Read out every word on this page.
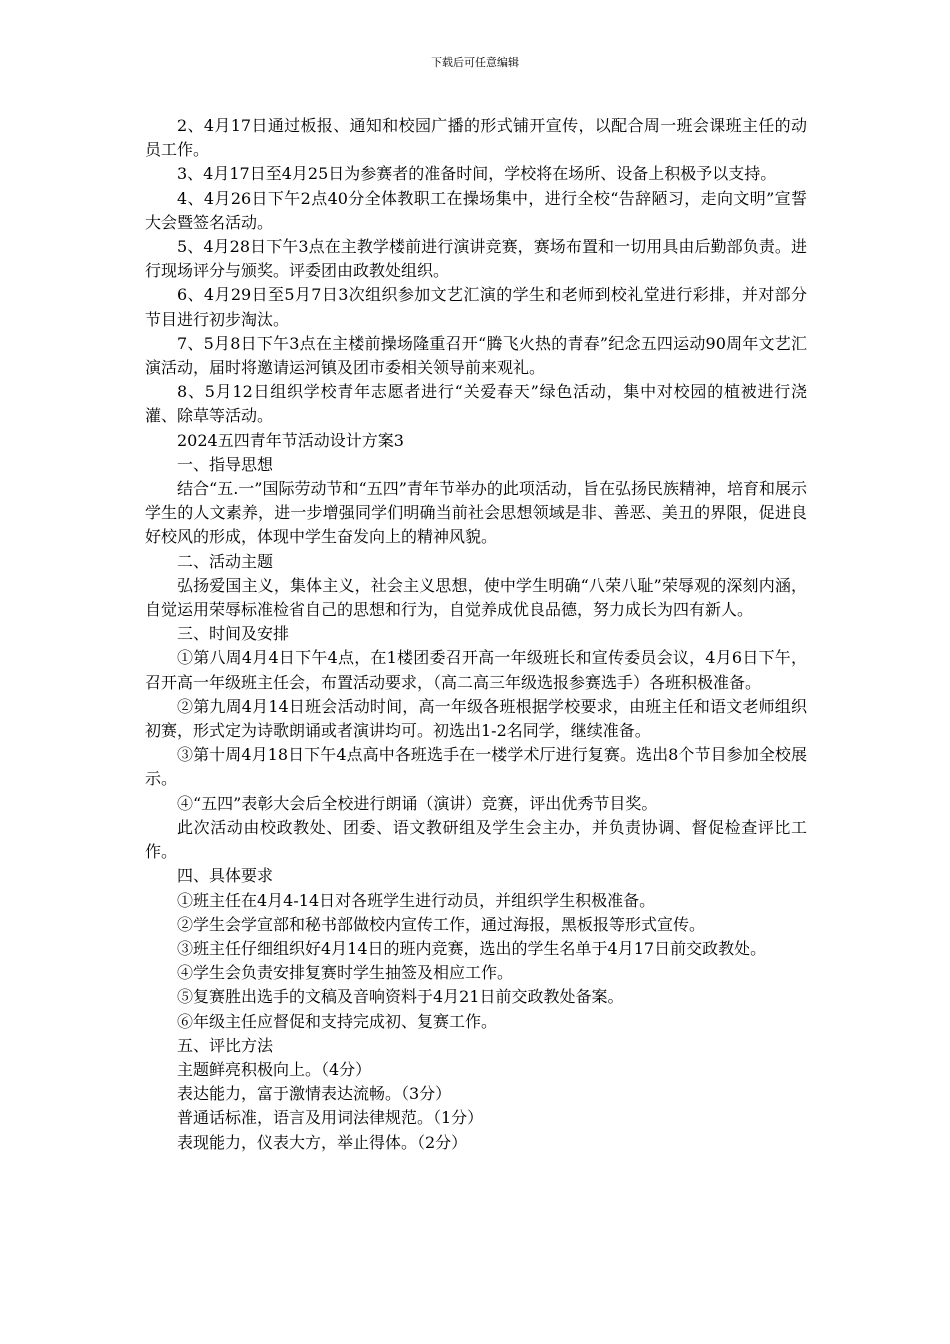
下载后可任意编辑

2、4月17日通过板报、通知和校园广播的形式铺开宣传，以配合周一班会课班主任的动员工作。

3、4月17日至4月25日为参赛者的准备时间，学校将在场所、设备上积极予以支持。

4、4月26日下午2点40分全体教职工在操场集中，进行全校“告辞陋习，走向文明”宣誓大会暨签名活动。

5、4月28日下午3点在主教学楼前进行演讲竞赛，赛场布置和一切用具由后勤部负责。进行现场评分与颁奖。评委团由政教处组织。

6、4月29日至5月7日3次组织参加文艺汇演的学生和老师到校礼堂进行彩排，并对部分节目进行初步淘汰。

7、5月8日下午3点在主楼前操场隆重召开“腾飞火热的青春”纪念五四运动90周年文艺汇演活动，届时将邀请运河镇及团市委相关领导前来观礼。

8、5月12日组织学校青年志愿者进行“关爱春天”绿色活动，集中对校园的植被进行浇灌、除草等活动。

2024五四青年节活动设计方案3

一、指导思想

结合“五.一”国际劳动节和“五四”青年节举办的此项活动，旨在弘扬民族精神，培育和展示学生的人文素养，进一步增强同学们明确当前社会思想领域是非、善恶、美丑的界限，促进良好校风的形成，体现中学生奋发向上的精神风貌。

二、活动主题

弘扬爱国主义，集体主义，社会主义思想，使中学生明确“八荣八耻”荣辱观的深刻内涵，自觉运用荣辱标准检省自己的思想和行为，自觉养成优良品德，努力成长为四有新人。

三、时间及安排

①第八周4月4日下午4点，在1楼团委召开高一年级班长和宣传委员会议，4月6日下午，召开高一年级班主任会，布置活动要求，（高二高三年级选报参赛选手）各班积极准备。

②第九周4月14日班会活动时间，高一年级各班根据学校要求，由班主任和语文老师组织初赛，形式定为诗歌朗诵或者演讲均可。初选出1-2名同学，继续准备。

③第十周4月18日下午4点高中各班选手在一楼学术厅进行复赛。选出8个节目参加全校展示。

④“五四”表彰大会后全校进行朗诵（演讲）竞赛，评出优秀节目奖。

此次活动由校政教处、团委、语文教研组及学生会主办，并负责协调、督促检查评比工作。

四、具体要求

①班主任在4月4-14日对各班学生进行动员，并组织学生积极准备。

②学生会学宣部和秘书部做校内宣传工作，通过海报，黑板报等形式宣传。

③班主任仔细组织好4月14日的班内竞赛，选出的学生名单于4月17日前交政教处。

④学生会负责安排复赛时学生抽签及相应工作。

⑤复赛胜出选手的文稿及音响资料于4月21日前交政教处备案。

⑥年级主任应督促和支持完成初、复赛工作。

五、评比方法

主题鲜亮积极向上。（4分）

表达能力，富于激情表达流畅。（3分）

普通话标准，语言及用词法律规范。（1分）

表现能力，仪表大方，举止得体。（2分）
